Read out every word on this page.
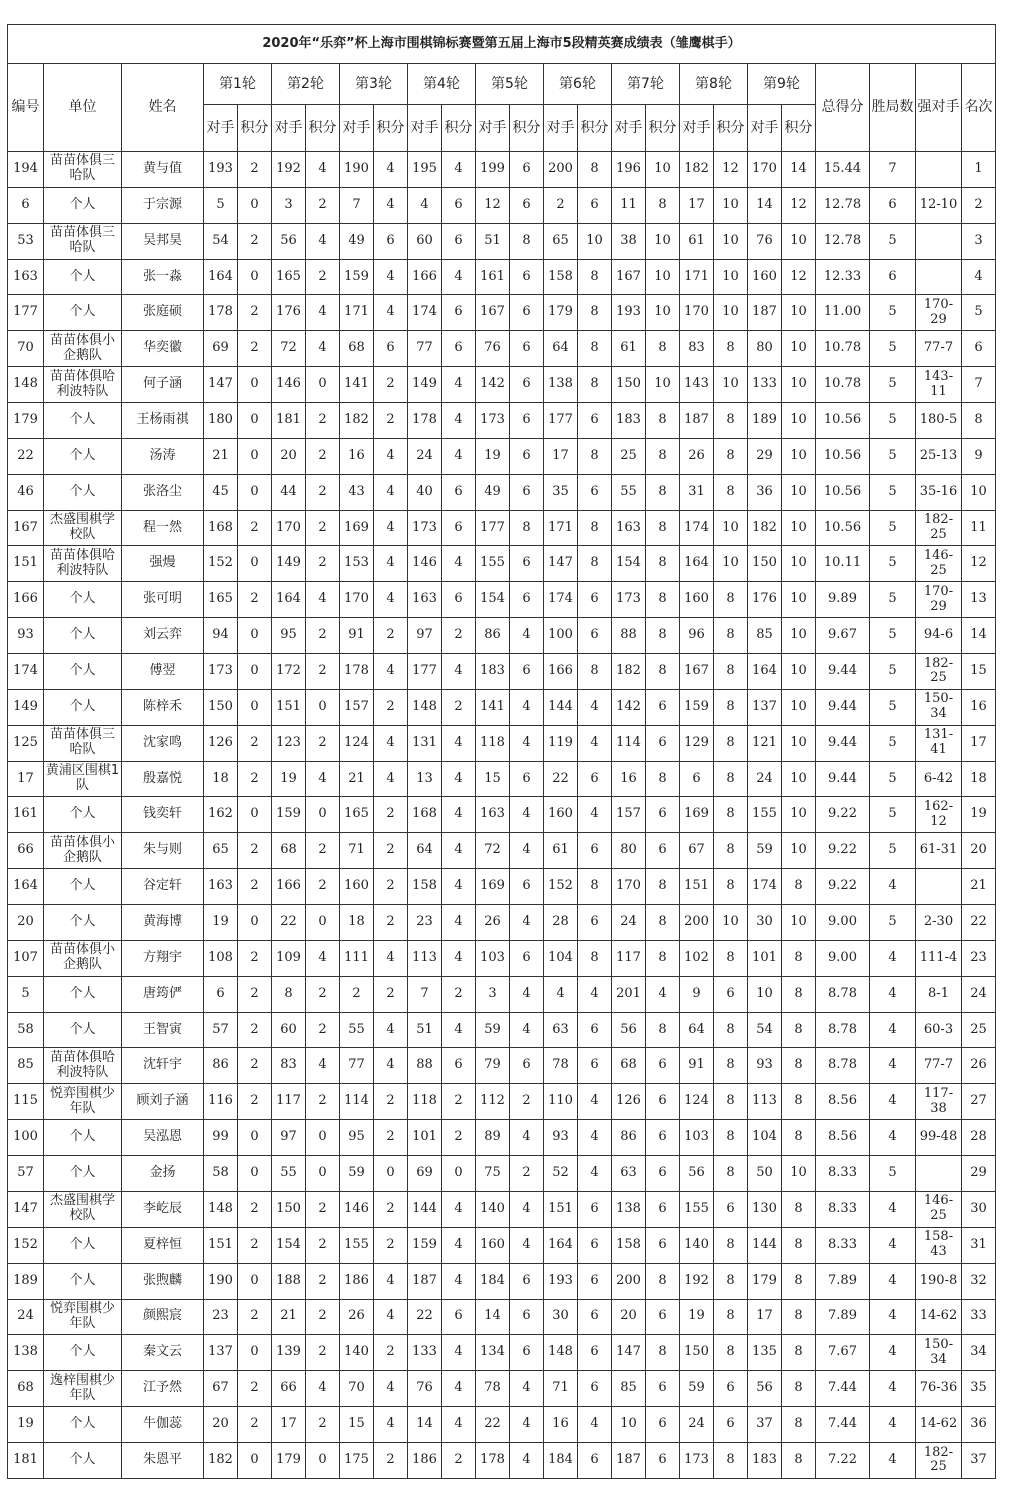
2020年“乐弈”杯上海市围棋锦标赛暨第五届上海市5段精英赛成绩表（雏鹰棋手）																								
编号	单位	姓名	第1轮		第2轮		第3轮		第4轮		第5轮		第6轮		第7轮		第8轮		第9轮		总得分	胜局数	强对手	名次
			对手	积分	对手	积分	对手	积分	对手	积分	对手	积分	对手	积分	对手	积分	对手	积分	对手	积分				
194	苗苗体俱三哈队	黄与值	193	2	192	4	190	4	195	4	199	6	200	8	196	10	182	12	170	14	15.44	7		1
6	个人	于宗源	5	0	3	2	7	4	4	6	12	6	2	6	11	8	17	10	14	12	12.78	6	12-10	2
53	苗苗体俱三哈队	吴邦昊	54	2	56	4	49	6	60	6	51	8	65	10	38	10	61	10	76	10	12.78	5		3
163	个人	张一淼	164	0	165	2	159	4	166	4	161	6	158	8	167	10	171	10	160	12	12.33	6		4
177	个人	张庭硕	178	2	176	4	171	4	174	6	167	6	179	8	193	10	170	10	187	10	11.00	5	170-29	5
70	苗苗体俱小企鹅队	华奕徽	69	2	72	4	68	6	77	6	76	6	64	8	61	8	83	8	80	10	10.78	5	77-7	6
148	苗苗体俱哈利波特队	何子涵	147	0	146	0	141	2	149	4	142	6	138	8	150	10	143	10	133	10	10.78	5	143-11	7
179	个人	王杨雨祺	180	0	181	2	182	2	178	4	173	6	177	6	183	8	187	8	189	10	10.56	5	180-5	8
22	个人	汤涛	21	0	20	2	16	4	24	4	19	6	17	8	25	8	26	8	29	10	10.56	5	25-13	9
46	个人	张洛尘	45	0	44	2	43	4	40	6	49	6	35	6	55	8	31	8	36	10	10.56	5	35-16	10
167	杰盛围棋学校队	程一然	168	2	170	2	169	4	173	6	177	8	171	8	163	8	174	10	182	10	10.56	5	182-25	11
151	苗苗体俱哈利波特队	强熳	152	0	149	2	153	4	146	4	155	6	147	8	154	8	164	10	150	10	10.11	5	146-25	12
166	个人	张可明	165	2	164	4	170	4	163	6	154	6	174	6	173	8	160	8	176	10	9.89	5	170-29	13
93	个人	刘云弈	94	0	95	2	91	2	97	2	86	4	100	6	88	8	96	8	85	10	9.67	5	94-6	14
174	个人	傅翌	173	0	172	2	178	4	177	4	183	6	166	8	182	8	167	8	164	10	9.44	5	182-25	15
149	个人	陈梓禾	150	0	151	0	157	2	148	2	141	4	144	4	142	6	159	8	137	10	9.44	5	150-34	16
125	苗苗体俱三哈队	沈家鸣	126	2	123	2	124	4	131	4	118	4	119	4	114	6	129	8	121	10	9.44	5	131-41	17
17	黄浦区围棋1队	殷嘉悦	18	2	19	4	21	4	13	4	15	6	22	6	16	8	6	8	24	10	9.44	5	6-42	18
161	个人	钱奕轩	162	0	159	0	165	2	168	4	163	4	160	4	157	6	169	8	155	10	9.22	5	162-12	19
66	苗苗体俱小企鹅队	朱与则	65	2	68	2	71	2	64	4	72	4	61	6	80	6	67	8	59	10	9.22	5	61-31	20
164	个人	谷定轩	163	2	166	2	160	2	158	4	169	6	152	8	170	8	151	8	174	8	9.22	4		21
20	个人	黄海博	19	0	22	0	18	2	23	4	26	4	28	6	24	8	200	10	30	10	9.00	5	2-30	22
107	苗苗体俱小企鹅队	方翔宇	108	2	109	4	111	4	113	4	103	6	104	8	117	8	102	8	101	8	9.00	4	111-4	23
5	个人	唐筠俨	6	2	8	2	2	2	7	2	3	4	4	4	201	4	9	6	10	8	8.78	4	8-1	24
58	个人	王智寅	57	2	60	2	55	4	51	4	59	4	63	6	56	8	64	8	54	8	8.78	4	60-3	25
85	苗苗体俱哈利波特队	沈轩宇	86	2	83	4	77	4	88	6	79	6	78	6	68	6	91	8	93	8	8.78	4	77-7	26
115	悦弈围棋少年队	顾刘子涵	116	2	117	2	114	2	118	2	112	2	110	4	126	6	124	8	113	8	8.56	4	117-38	27
100	个人	吴泓恩	99	0	97	0	95	2	101	2	89	4	93	4	86	6	103	8	104	8	8.56	4	99-48	28
57	个人	金扬	58	0	55	0	59	0	69	0	75	2	52	4	63	6	56	8	50	10	8.33	5		29
147	杰盛围棋学校队	李屹辰	148	2	150	2	146	2	144	4	140	4	151	6	138	6	155	6	130	8	8.33	4	146-25	30
152	个人	夏梓恒	151	2	154	2	155	2	159	4	160	4	164	6	158	6	140	8	144	8	8.33	4	158-43	31
189	个人	张煦麟	190	0	188	2	186	4	187	4	184	6	193	6	200	8	192	8	179	8	7.89	4	190-8	32
24	悦弈围棋少年队	颜熙宸	23	2	21	2	26	4	22	6	14	6	30	6	20	6	19	8	17	8	7.89	4	14-62	33
138	个人	秦文云	137	0	139	2	140	2	133	4	134	6	148	6	147	8	150	8	135	8	7.67	4	150-34	34
68	逸梓围棋少年队	江予然	67	2	66	4	70	4	76	4	78	4	71	6	85	6	59	6	56	8	7.44	4	76-36	35
19	个人	牛伽蕊	20	2	17	2	15	4	14	4	22	4	16	4	10	6	24	6	37	8	7.44	4	14-62	36
181	个人	朱恩平	182	0	179	0	175	2	186	2	178	4	184	6	187	6	173	8	183	8	7.22	4	182-25	37
